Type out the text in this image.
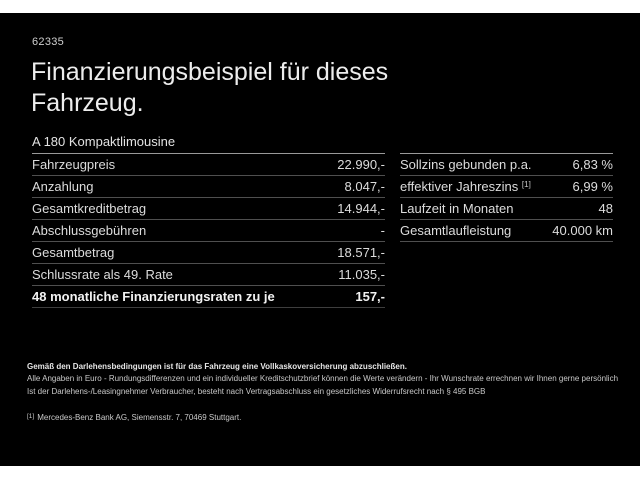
62335
Finanzierungsbeispiel für dieses Fahrzeug.
A 180 Kompaktlimousine
Fahrzeugpreis	22.990,-
Anzahlung	8.047,-
Gesamtkreditbetrag	14.944,-
Abschlussgebühren	-
Gesamtbetrag	18.571,-
Schlussrate als 49. Rate	11.035,-
48 monatliche Finanzierungsraten zu je	157,-
Sollzins gebunden p.a.	6,83 %
effektiver Jahreszins [1]	6,99 %
Laufzeit in Monaten	48
Gesamtlaufleistung	40.000 km
Gemäß den Darlehensbedingungen ist für das Fahrzeug eine Vollkaskoversicherung abzuschließen.
Alle Angaben in Euro - Rundungsdifferenzen und ein individueller Kreditschutzbrief können die Werte verändern - Ihr Wunschrate errechnen wir Ihnen gerne persönlich
Ist der Darlehens-/Leasingnehmer Verbraucher, besteht nach Vertragsabschluss ein gesetzliches Widerrufsrecht nach § 495 BGB
[1] Mercedes-Benz Bank AG, Siemensstr. 7, 70469 Stuttgart.
